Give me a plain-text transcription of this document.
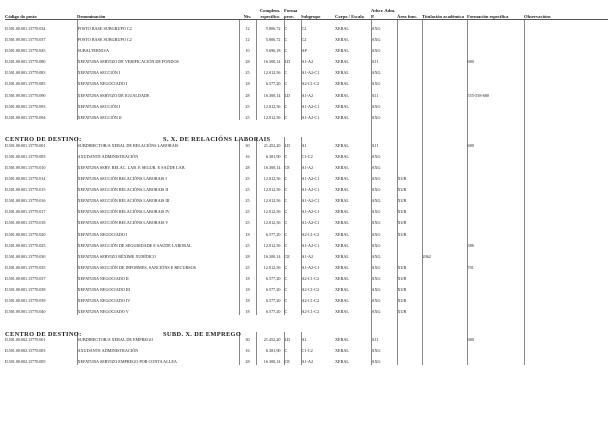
Código do posto	Denominación	Niv.	Complem. específico	Forma prov.	Subgrupo	Corpo / Escala	Adscr. Adm. P.	Área func.	Titulación académica	Formación específica	Observacións
II.501.00.001.15770.034	POSTO BASE SUBGRUPO C2	12	5.806,72	C	C2	XERAL	AXG				
II.501.00.001.15770.037	POSTO BASE SUBGRUPO C2	12	5.806,72	C	C2	XERAL	AXG				
II.501.00.001.15770.045	SUBALTERNO/A	10	5.696,18	C	AP	XERAL	AXG				
II.501.00.001.15770.080	XEFATURA SERVIZO DE VERIFICACIÓN DE FONDOS	28	16.300,14	LD	A1-A2	XERAL	A11			680	
II.501.00.001.15770.083	XEFATURA SECCIÓN I	25	12.012,56	C	A1-A2-C1	XERAL	AXG				
II.501.00.001.15770.085	XEFATURA NEGOCIADO I	18	6.577,20	C	A2-C1-C2	XERAL	AXG				
II.501.00.001.15770.090	XEFATURA SERVIZO DE IGUALDADE	28	16.300,14	LD	A1-A2	XERAL	A11			555-558-680	
II.501.00.001.15770.093	XEFATURA SECCIÓN I	25	12.012,56	C	A1-A2-C1	XERAL	AXG				
II.501.00.001.15770.094	XEFATURA SECCIÓN II	25	12.012,56	C	A1-A2-C1	XERAL	AXG				

CENTRO DE DESTINO: S. X. DE RELACIÓNS LABORAIS											

II.501.00.001.15770.001	SUBDIRECTOR/A XERAL DE RELACIÓNS LABORAIS	30	21.452,20	LD	A1	XERAL	A11			680	
II.501.00.001.15770.003	AXUDANTE ADMINISTRACIÓN	16	6.381,90	C	C1-C2	XERAL	AXG				
II.501.00.001.15770.010	XEFATURA SERV. RELAC. LAB. E SEGUR. E SAÚDE LAB.	28	16.300,14	CE	A1-A2	XERAL	AXG				
II.501.00.001.15770.014	XEFATURA SECCIÓN RELACIÓNS LABORAIS I	25	12.012,56	C	A1-A2-C1	XERAL	AXG	XUR			
II.501.00.001.15770.015	XEFATURA SECCIÓN RELACIÓNS LABORAIS II	25	12.012,56	C	A1-A2-C1	XERAL	AXG	XUR			
II.501.00.001.15770.016	XEFATURA SECCIÓN RELACIÓNS LABORAIS III	25	12.012,56	C	A1-A2-C1	XERAL	AXG	XUR			
II.501.00.001.15770.017	XEFATURA SECCIÓN RELACIÓNS LABORAIS IV	25	12.012,56	C	A1-A2-C1	XERAL	AXG	XUR			
II.501.00.001.15770.018	XEFATURA SECCIÓN RELACIÓNS LABORAIS V	25	12.012,56	C	A1-A2-C1	XERAL	AXG	XUR			
II.501.00.001.15770.020	XEFATURA NEGOCIADO I	18	6.577,20	C	A2-C1-C2	XERAL	AXG	XUR			
II.501.00.001.15770.025	XEFATURA SECCIÓN DE SEGURIDADE E SAÚDE LABORAL	25	12.012,56	C	A1-A2-C1	XERAL	AXG			386	
II.501.00.001.15770.030	XEFATURA SERVIZO RÉXIME XURÍDICO	28	16.300,14	CE	A1-A2	XERAL	AXG		2062		
II.501.00.001.15770.035	XEFATURA SECCIÓN DE INFORMES, SANCIÓNS E RECURSOS	25	12.012,56	C	A1-A2-C1	XERAL	AXG	XUR		701	
II.501.00.001.15770.037	XEFATURA NEGOCIADO II	18	6.577,20	C	A2-C1-C2	XERAL	AXG	XUR			
II.501.00.001.15770.038	XEFATURA NEGOCIADO III	18	6.577,20	C	A2-C1-C2	XERAL	AXG	XUR			
II.501.00.001.15770.039	XEFATURA NEGOCIADO IV	18	6.577,20	C	A2-C1-C2	XERAL	AXG	XUR			
II.501.00.001.15770.040	XEFATURA NEGOCIADO V	18	6.577,20	C	A2-C1-C2	XERAL	AXG	XUR			

CENTRO DE DESTINO: SUBD. X. DE EMPREGO											

II.501.00.002.15770.001	SUBDIRECTOR/A XERAL DE EMPREGO	30	21.452,20	LD	A1	XERAL	A11			680	
II.501.00.002.15770.003	AXUDANTE ADMINISTRACIÓN	16	6.381,90	C	C1-C2	XERAL	AXG				
II.501.00.002.15770.005	XEFATURA SERVIZO EMPREGO POR CONTA ALLEA	28	16.300,14	CE	A1-A2	XERAL	AXG				
